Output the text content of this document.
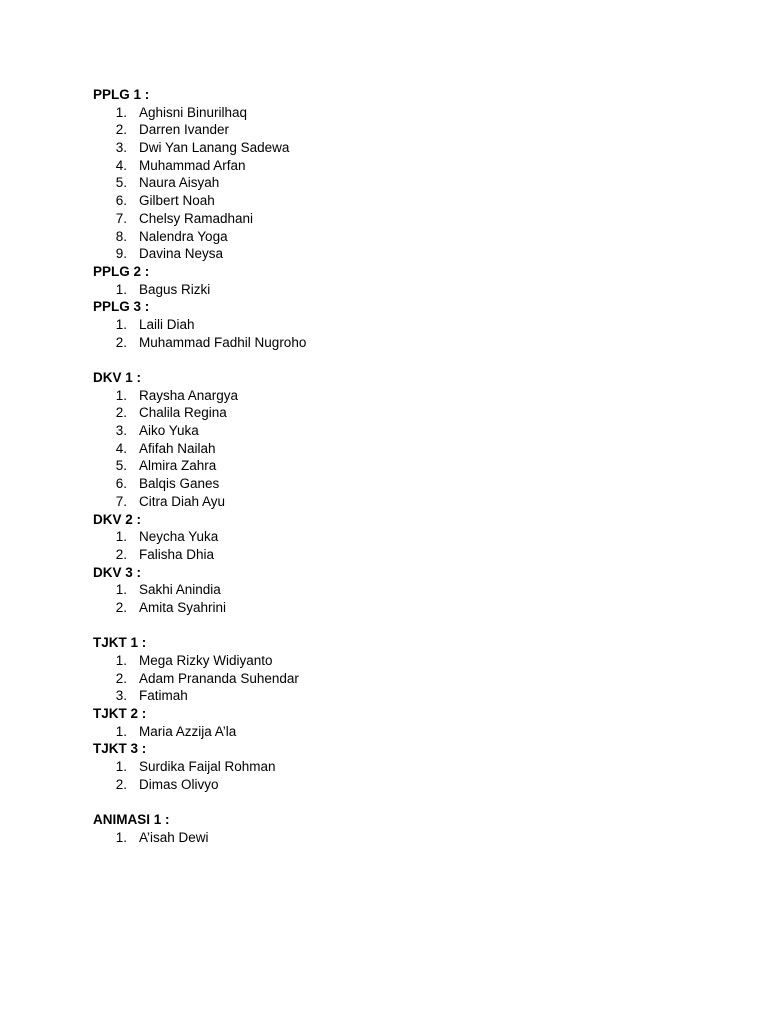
PPLG 1 :
1. Aghisni Binurilhaq
2. Darren Ivander
3. Dwi Yan Lanang Sadewa
4. Muhammad Arfan
5. Naura Aisyah
6. Gilbert Noah
7. Chelsy Ramadhani
8. Nalendra Yoga
9. Davina Neysa
PPLG 2 :
1. Bagus Rizki
PPLG 3 :
1. Laili Diah
2. Muhammad Fadhil Nugroho
DKV 1 :
1. Raysha Anargya
2. Chalila Regina
3. Aiko Yuka
4. Afifah Nailah
5. Almira Zahra
6. Balqis Ganes
7. Citra Diah Ayu
DKV 2 :
1. Neycha Yuka
2. Falisha Dhia
DKV 3 :
1. Sakhi Anindia
2. Amita Syahrini
TJKT 1 :
1. Mega Rizky Widiyanto
2. Adam Prananda Suhendar
3. Fatimah
TJKT 2 :
1. Maria Azzija A’la
TJKT 3 :
1. Surdika Faijal Rohman
2. Dimas Olivyo
ANIMASI 1 :
1. A’isah Dewi
